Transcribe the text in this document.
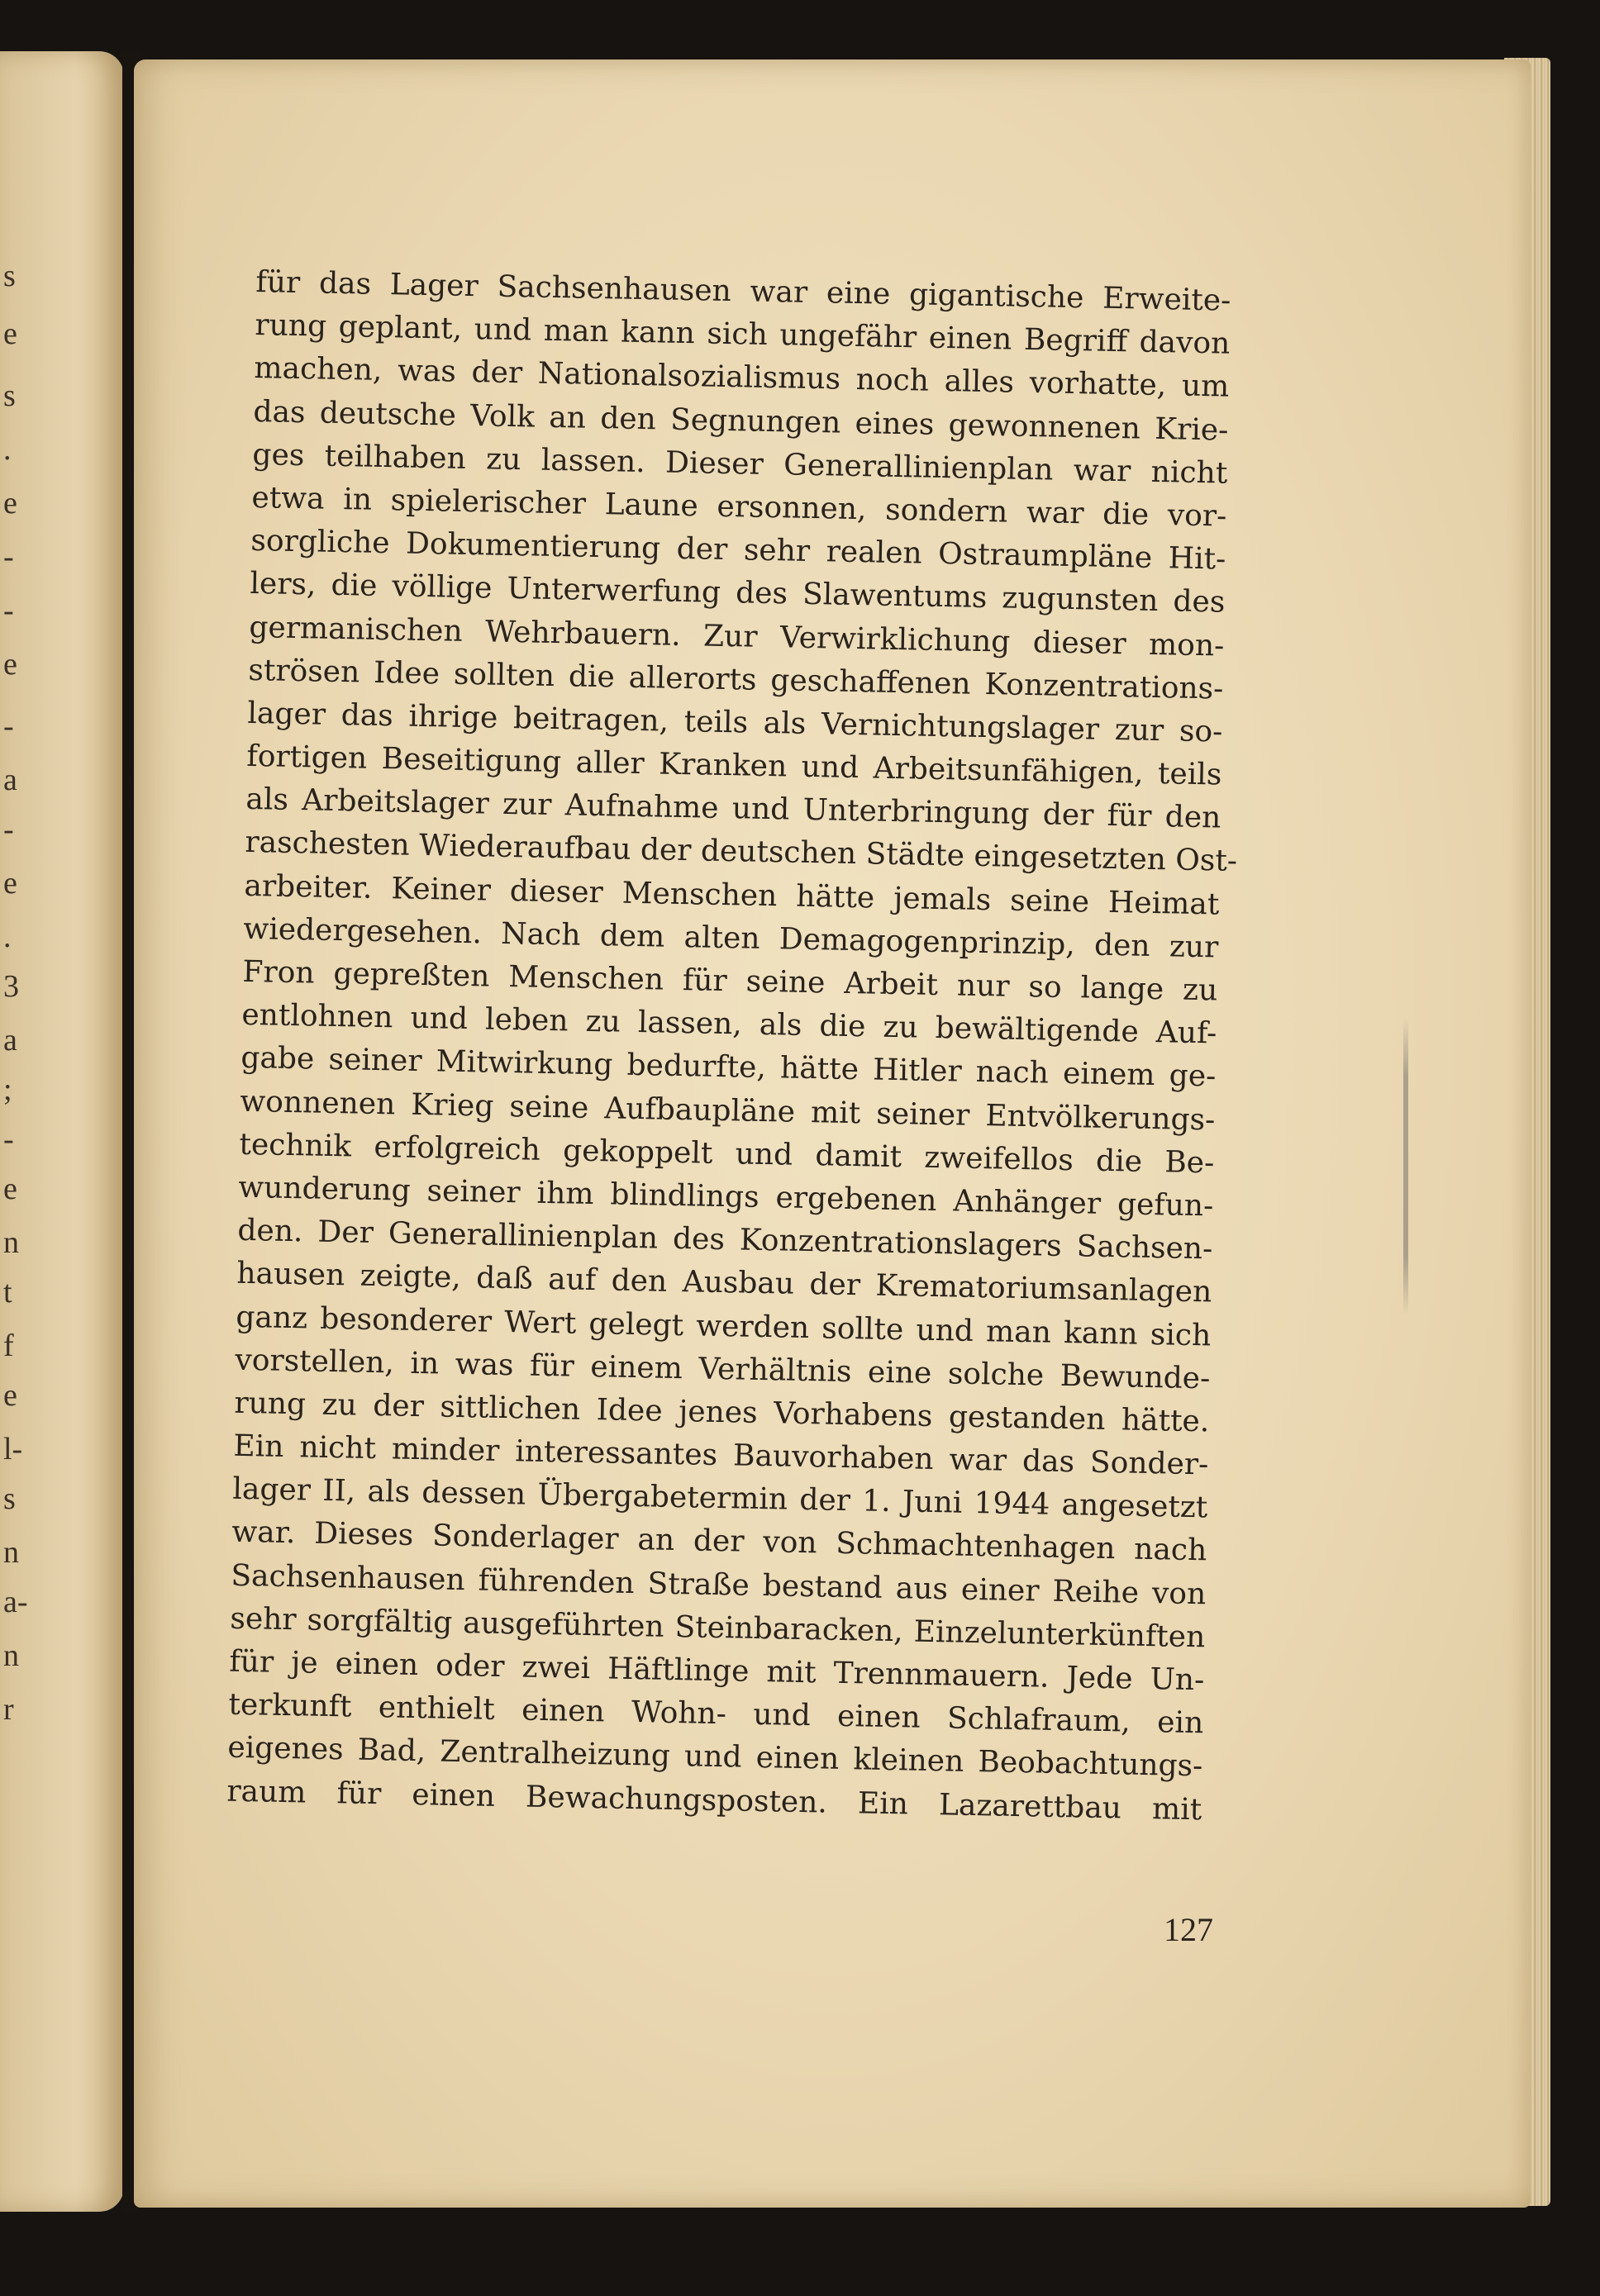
s
e
s
.
e
-
-
e
-
a
-
e
.
3
a
;
-
e
n
t
f
e
l-
s
n
a-
n
r
für das Lager Sachsenhausen war eine gigantische Erweite-
rung geplant, und man kann sich ungefähr einen Begriff davon
machen, was der Nationalsozialismus noch alles vorhatte, um
das deutsche Volk an den Segnungen eines gewonnenen Krie-
ges teilhaben zu lassen. Dieser Generallinienplan war nicht
etwa in spielerischer Laune ersonnen, sondern war die vor-
sorgliche Dokumentierung der sehr realen Ostraumpläne Hit-
lers, die völlige Unterwerfung des Slawentums zugunsten des
germanischen Wehrbauern. Zur Verwirklichung dieser mon-
strösen Idee sollten die allerorts geschaffenen Konzentrations-
lager das ihrige beitragen, teils als Vernichtungslager zur so-
fortigen Beseitigung aller Kranken und Arbeitsunfähigen, teils
als Arbeitslager zur Aufnahme und Unterbringung der für den
raschesten Wiederaufbau der deutschen Städte eingesetzten Ost-
arbeiter. Keiner dieser Menschen hätte jemals seine Heimat
wiedergesehen. Nach dem alten Demagogenprinzip, den zur
Fron gepreßten Menschen für seine Arbeit nur so lange zu
entlohnen und leben zu lassen, als die zu bewältigende Auf-
gabe seiner Mitwirkung bedurfte, hätte Hitler nach einem ge-
wonnenen Krieg seine Aufbaupläne mit seiner Entvölkerungs-
technik erfolgreich gekoppelt und damit zweifellos die Be-
wunderung seiner ihm blindlings ergebenen Anhänger gefun-
den. Der Generallinienplan des Konzentrationslagers Sachsen-
hausen zeigte, daß auf den Ausbau der Krematoriumsanlagen
ganz besonderer Wert gelegt werden sollte und man kann sich
vorstellen, in was für einem Verhältnis eine solche Bewunde-
rung zu der sittlichen Idee jenes Vorhabens gestanden hätte.
Ein nicht minder interessantes Bauvorhaben war das Sonder-
lager II, als dessen Übergabetermin der 1. Juni 1944 angesetzt
war. Dieses Sonderlager an der von Schmachtenhagen nach
Sachsenhausen führenden Straße bestand aus einer Reihe von
sehr sorgfältig ausgeführten Steinbaracken, Einzelunterkünften
für je einen oder zwei Häftlinge mit Trennmauern. Jede Un-
terkunft enthielt einen Wohn- und einen Schlafraum, ein
eigenes Bad, Zentralheizung und einen kleinen Beobachtungs-
raum für einen Bewachungsposten. Ein Lazarettbau mit
127
